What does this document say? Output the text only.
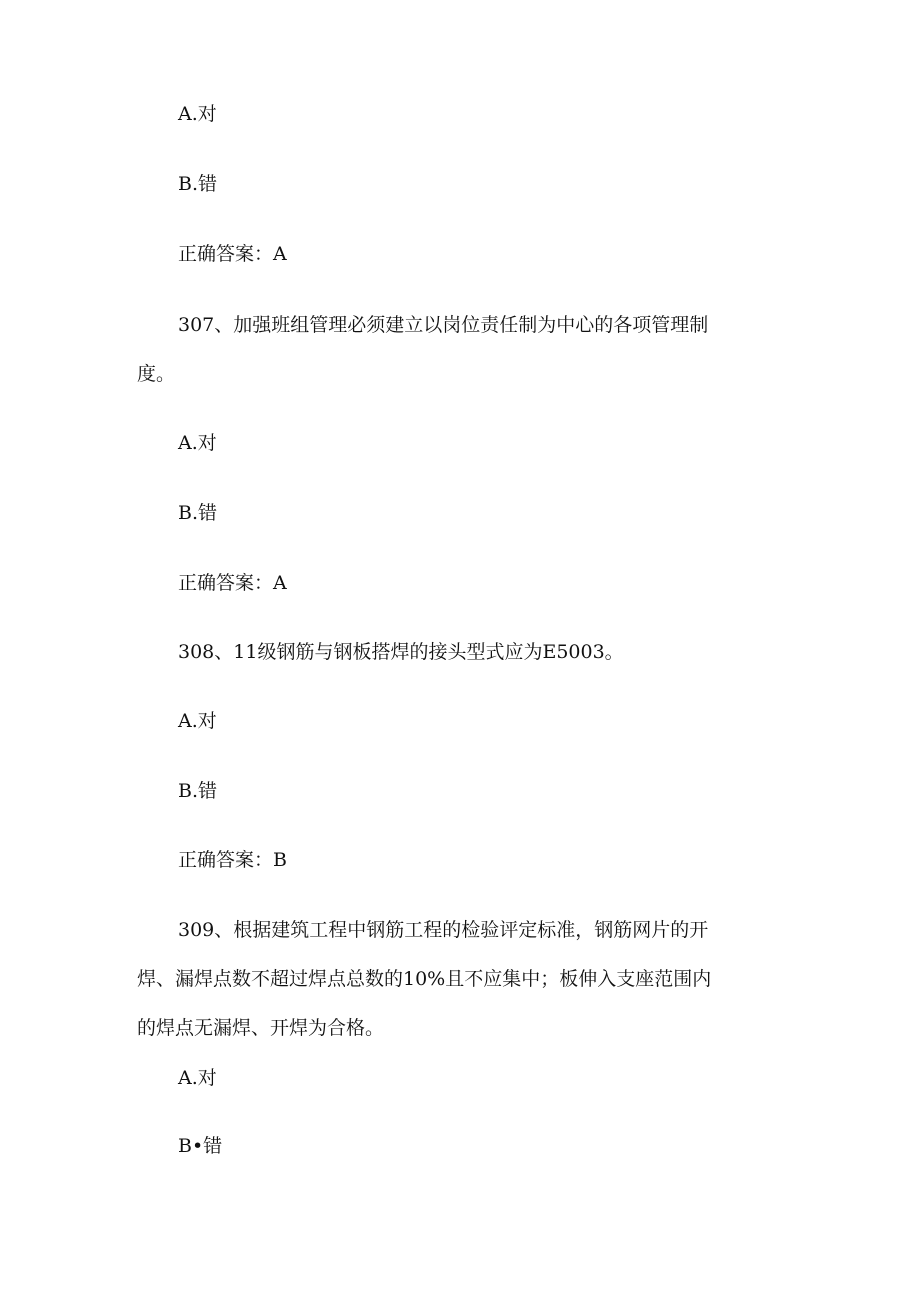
A.对
B.错
正确答案：A
307、加强班组管理必须建立以岗位责任制为中心的各项管理制
度。
A.对
B.错
正确答案：A
308、11级钢筋与钢板搭焊的接头型式应为E5003。
A.对
B.错
正确答案：B
309、根据建筑工程中钢筋工程的检验评定标准，钢筋网片的开
焊、漏焊点数不超过焊点总数的10%且不应集中；板伸入支座范围内
的焊点无漏焊、开焊为合格。
A.对
B•错
